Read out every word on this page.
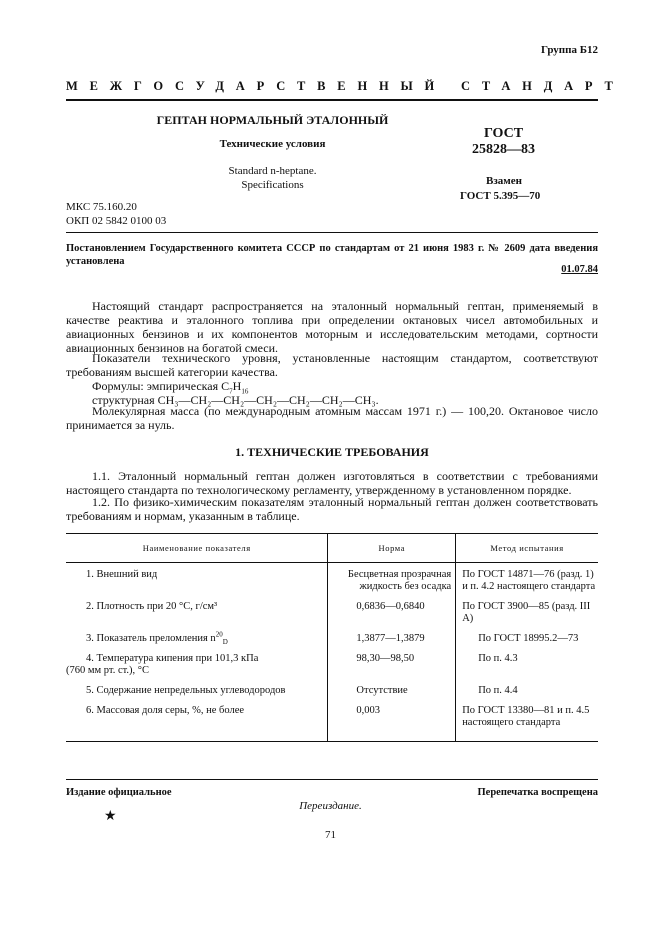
Группа Б12
МЕЖГОСУДАРСТВЕННЫЙ СТАНДАРТ
ГЕПТАН НОРМАЛЬНЫЙ ЭТАЛОННЫЙ
Технические условия
Standard n-heptane.
Specifications
ГОСТ
25828—83
Взамен
ГОСТ 5.395—70
МКС 75.160.20
ОКП 02 5842 0100 03
Постановлением Государственного комитета СССР по стандартам от 21 июня 1983 г. № 2609 дата введения установлена
01.07.84
Настоящий стандарт распространяется на эталонный нормальный гептан, применяемый в качестве реактива и эталонного топлива при определении октановых чисел автомобильных и авиационных бензинов и их компонентов моторным и исследовательским методами, сортности авиационных бензинов на богатой смеси.
Показатели технического уровня, установленные настоящим стандартом, соответствуют требованиям высшей категории качества.
Формулы: эмпирическая $C_7H_{16}$
структурная CH₃—CH₂—CH₂—CH₂—CH₂—CH₂—CH₃.
Молекулярная масса (по международным атомным массам 1971 г.) — 100,20. Октановое число принимается за нуль.
1. ТЕХНИЧЕСКИЕ ТРЕБОВАНИЯ
1.1. Эталонный нормальный гептан должен изготовляться в соответствии с требованиями настоящего стандарта по технологическому регламенту, утвержденному в установленном порядке.
1.2. По физико-химическим показателям эталонный нормальный гептан должен соответствовать требованиям и нормам, указанным в таблице.
Наименование показателя	Норма	Метод испытания

1. Внешний вид	Бесцветная прозрачная жидкость без осадка	По ГОСТ 14871—76 (разд. 1) и п. 4.2 настоящего стандарта

2. Плотность при 20 °С, г/см³	0,6836—0,6840	По ГОСТ 3900—85 (разд. III А)

3. Показатель преломления $n^{20}_D$	1,3877—1,3879	По ГОСТ 18995.2—73

4. Температура кипения при 101,3 кПа
(760 мм рт. ст.), °С	98,30—98,50	По п. 4.3

5. Содержание непредельных углеводородов	Отсутствие	По п. 4.4

6. Массовая доля серы, %, не более	0,003	По ГОСТ 13380—81 и п. 4.5 настоящего стандарта
Издание официальное	Перепечатка воспрещена
Переиздание.
★
71
